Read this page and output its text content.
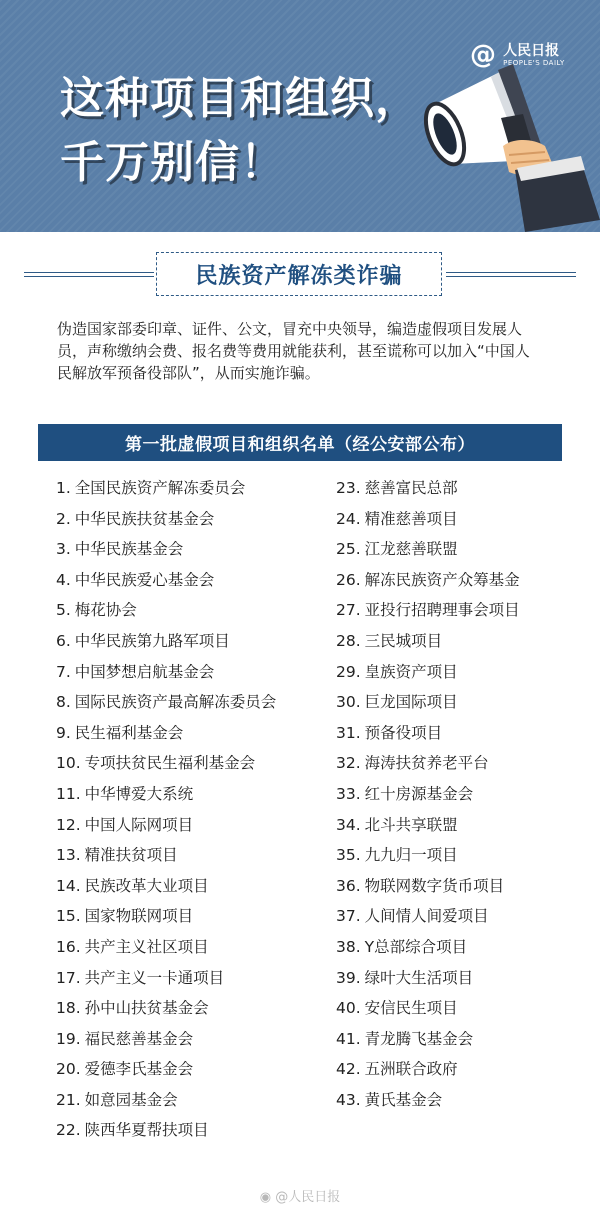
这种项目和组织，
千万别信！
@ 人民日报
PEOPLE'S DAILY
民族资产解冻类诈骗
伪造国家部委印章、证件、公文，冒充中央领导，编造虚假项目发展人员，声称缴纳会费、报名费等费用就能获利，甚至谎称可以加入“中国人民解放军预备役部队”，从而实施诈骗。
第一批虚假项目和组织名单（经公安部公布）
1. 全国民族资产解冻委员会
2. 中华民族扶贫基金会
3. 中华民族基金会
4. 中华民族爱心基金会
5. 梅花协会
6. 中华民族第九路军项目
7. 中国梦想启航基金会
8. 国际民族资产最高解冻委员会
9. 民生福利基金会
10. 专项扶贫民生福利基金会
11. 中华博爱大系统
12. 中国人际网项目
13. 精准扶贫项目
14. 民族改革大业项目
15. 国家物联网项目
16. 共产主义社区项目
17. 共产主义一卡通项目
18. 孙中山扶贫基金会
19. 福民慈善基金会
20. 爱德李氏基金会
21. 如意园基金会
22. 陕西华夏帮扶项目
23. 慈善富民总部
24. 精准慈善项目
25. 江龙慈善联盟
26. 解冻民族资产众筹基金
27. 亚投行招聘理事会项目
28. 三民城项目
29. 皇族资产项目
30. 巨龙国际项目
31. 预备役项目
32. 海涛扶贫养老平台
33. 红十房源基金会
34. 北斗共享联盟
35. 九九归一项目
36. 物联网数字货币项目
37. 人间情人间爱项目
38. Y总部综合项目
39. 绿叶大生活项目
40. 安信民生项目
41. 青龙腾飞基金会
42. 五洲联合政府
43. 黄氏基金会
◉ @人民日报
